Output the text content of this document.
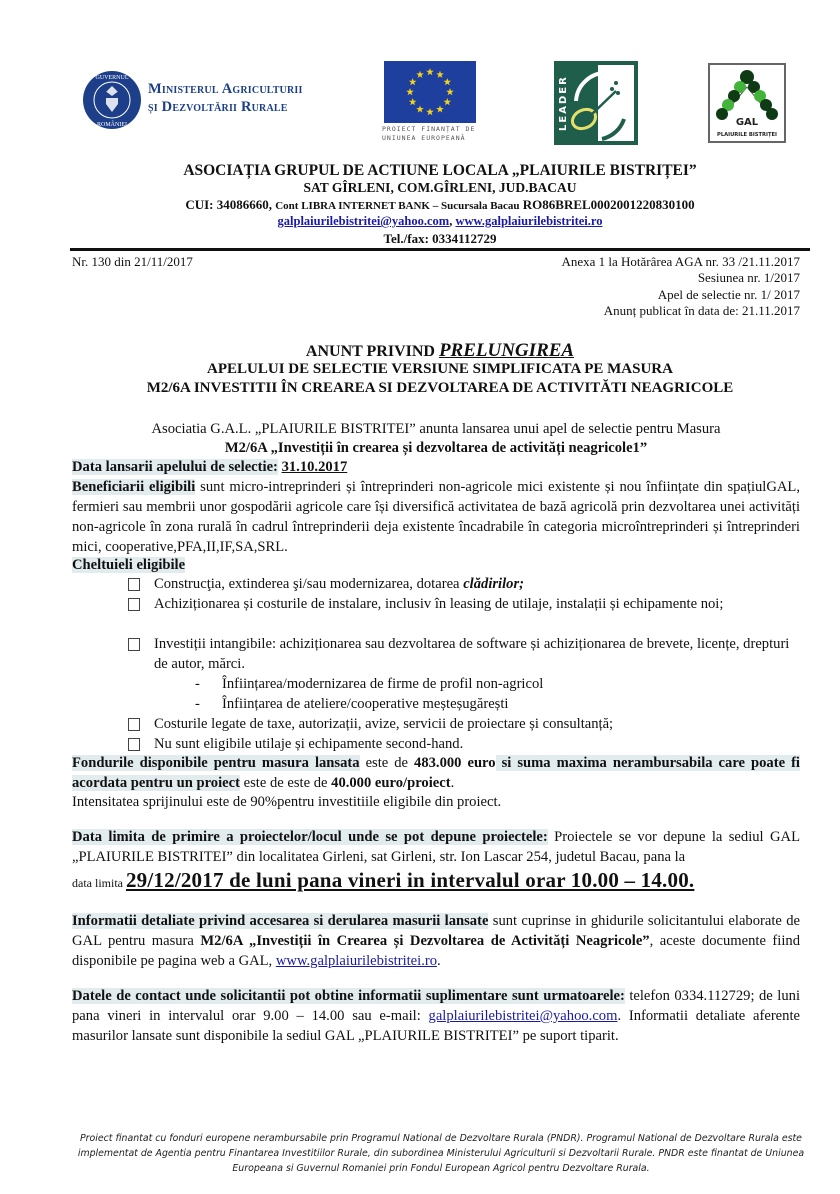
GUVERNUL
ROMÂNIEI
Ministerul Agriculturii
și Dezvoltării Rurale
PROIECT FINANȚAT DE
UNIUNEA EUROPEANĂ
LEADER	GAL
PLAIURILE BISTRIȚEI
ASOCIAȚIA GRUPUL DE ACTIUNE LOCALA „PLAIURILE BISTRIȚEI”
SAT GÎRLENI, COM.GÎRLENI, JUD.BACAU
CUI: 34086660, Cont LIBRA INTERNET BANK – Sucursala Bacau RO86BREL0002001220830100
galplaiurilebistritei@yahoo.com, www.galplaiurilebistritei.ro
Tel./fax: 0334112729
Nr. 130 din 21/11/2017	Anexa 1 la Hotărârea AGA nr. 33 /21.11.2017
Sesiunea nr. 1/2017
Apel de selectie nr. 1/ 2017
Anunț publicat în data de: 21.11.2017
ANUNT PRIVIND PRELUNGIREA
APELULUI DE SELECTIE VERSIUNE SIMPLIFICATA PE MASURA
M2/6A INVESTITII ÎN CREAREA SI DEZVOLTAREA DE ACTIVITĂTI NEAGRICOLE
Asociatia G.A.L. „PLAIURILE BISTRITEI” anunta lansarea unui apel de selectie pentru Masura
M2/6A „Investiții în crearea și dezvoltarea de activități neagricole1”
Data lansarii apelului de selectie: 31.10.2017
Beneficiarii eligibili sunt micro-intreprinderi și întreprinderi non-agricole mici existente și nou înființate din spațiulGAL, fermieri sau membrii unor gospodării agricole care își diversifică activitatea de bază agricolă prin dezvoltarea unei activități non-agricole în zona rurală în cadrul întreprinderii deja existente încadrabile în categoria microîntreprinderi și întreprinderi mici, cooperative,PFA,II,IF,SA,SRL.
Cheltuieli eligibile
Construcţia, extinderea şi/sau modernizarea, dotarea clădirilor;
Achiziționarea și costurile de instalare, inclusiv în leasing de utilaje, instalații și echipamente noi;
Investiții intangibile: achiziționarea sau dezvoltarea de software și achiziționarea de brevete, licențe, drepturi de autor, mărci.
- Înființarea/modernizarea de firme de profil non-agricol
- Înființarea de ateliere/cooperative meșteșugărești
Costurile legate de taxe, autorizații, avize, servicii de proiectare și consultanță;
Nu sunt eligibile utilaje și echipamente second-hand.
Fondurile disponibile pentru masura lansata este de 483.000 euro si suma maxima nerambursabila care poate fi acordata pentru un proiect este de este de 40.000 euro/proiect.
Intensitatea sprijinului este de 90%pentru investitiile eligibile din proiect.
Data limita de primire a proiectelor/locul unde se pot depune proiectele: Proiectele se vor depune la sediul GAL „PLAIURILE BISTRITEI” din localitatea Girleni, sat Girleni, str. Ion Lascar 254, judetul Bacau, pana la
data limita 29/12/2017 de luni pana vineri in intervalul orar 10.00 – 14.00.
Informatii detaliate privind accesarea si derularea masurii lansate sunt cuprinse in ghidurile solicitantului elaborate de GAL pentru masura M2/6A „Investiții în Crearea și Dezvoltarea de Activități Neagricole”, aceste documente fiind disponibile pe pagina web a GAL, www.galplaiurilebistritei.ro.
Datele de contact unde solicitantii pot obtine informatii suplimentare sunt urmatoarele: telefon 0334.112729; de luni pana vineri in intervalul orar 9.00 – 14.00 sau e-mail: galplaiurilebistritei@yahoo.com. Informatii detaliate aferente masurilor lansate sunt disponibile la sediul GAL „PLAIURILE BISTRITEI” pe suport tiparit.
Proiect finantat cu fonduri europene nerambursabile prin Programul National de Dezvoltare Rurala (PNDR). Programul National de Dezvoltare Rurala este
implementat de Agentia pentru Finantarea Investitiilor Rurale, din subordinea Ministerului Agriculturii si Dezvoltarii Rurale. PNDR este finantat de Uniunea
Europeana si Guvernul Romaniei prin Fondul European Agricol pentru Dezvoltare Rurala.
